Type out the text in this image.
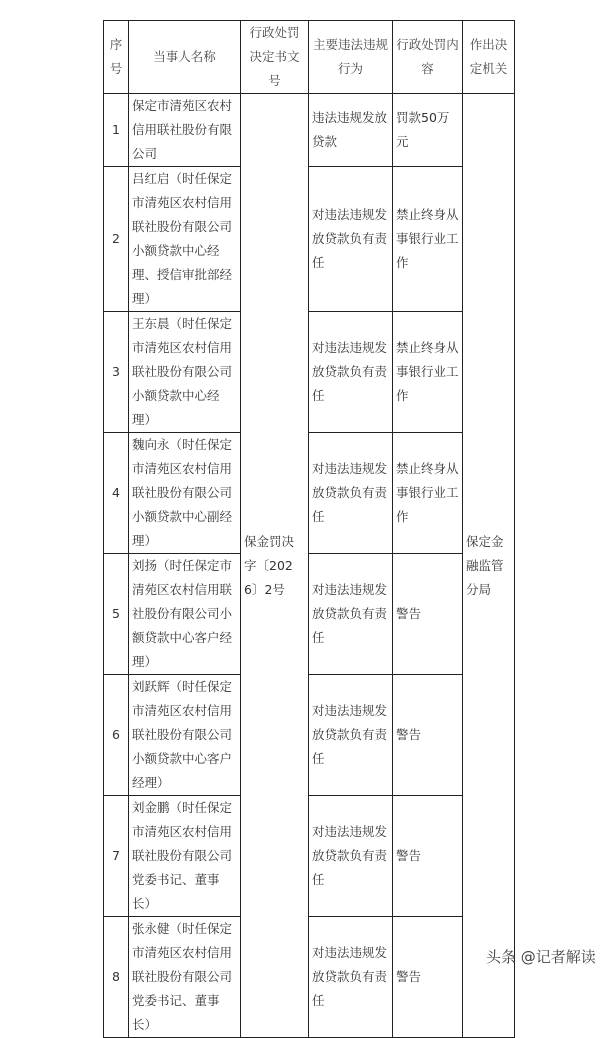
序号	当事人名称	行政处罚决定书文号	主要违法违规行为	行政处罚内容	作出决定机关
1	保定市清苑区农村信用联社股份有限公司	保金罚决字〔2026〕2号	违法违规发放贷款	罚款50万元	保定金融监管分局
2	吕红启（时任保定市清苑区农村信用联社股份有限公司小额贷款中心经理、授信审批部经理）		对违法违规发放贷款负有责任	禁止终身从事银行业工作	
3	王东晨（时任保定市清苑区农村信用联社股份有限公司小额贷款中心经理）		对违法违规发放贷款负有责任	禁止终身从事银行业工作	
4	魏向永（时任保定市清苑区农村信用联社股份有限公司小额贷款中心副经理）		对违法违规发放贷款负有责任	禁止终身从事银行业工作	
5	刘扬（时任保定市清苑区农村信用联社股份有限公司小额贷款中心客户经理）		对违法违规发放贷款负有责任	警告	
6	刘跃辉（时任保定市清苑区农村信用联社股份有限公司小额贷款中心客户经理）		对违法违规发放贷款负有责任	警告	
7	刘金鹏（时任保定市清苑区农村信用联社股份有限公司党委书记、董事长）		对违法违规发放贷款负有责任	警告	
8	张永健（时任保定市清苑区农村信用联社股份有限公司党委书记、董事长）		对违法违规发放贷款负有责任	警告	
头条 @记者解读
